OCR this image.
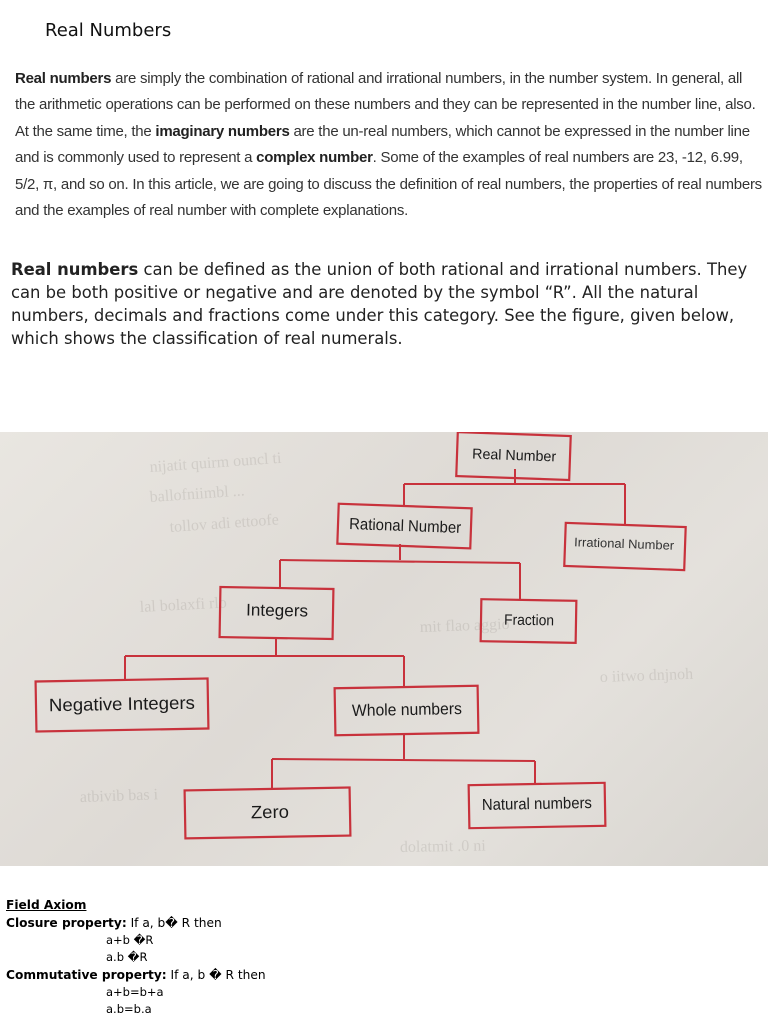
Real Numbers
Real numbers are simply the combination of rational and irrational numbers, in the number system. In general, all the arithmetic operations can be performed on these numbers and they can be represented in the number line, also. At the same time, the imaginary numbers are the un-real numbers, which cannot be expressed in the number line and is commonly used to represent a complex number. Some of the examples of real numbers are 23, -12, 6.99, 5/2, π, and so on. In this article, we are going to discuss the definition of real numbers, the properties of real numbers and the examples of real number with complete explanations.
Real numbers can be defined as the union of both rational and irrational numbers. They can be both positive or negative and are denoted by the symbol “R”. All the natural numbers, decimals and fractions come under this category. See the figure, given below, which shows the classification of real numerals.
nijatit quirm ouncl ti
ballofniimbl ...
tollov adi ettoofe
lal bolaxfi rlo
mit flao aggio
o iitwo dnjnoh
atbivib bas i
dolatmit .0 ni
Real Number
Rational Number
Irrational Number
Integers
Fraction
Negative Integers	Whole numbers
Zero	Natural numbers
Field Axiom
Closure property: If a, b� R then
a+b �R
a.b �R
Commutative property: If a, b � R then
a+b=b+a
a.b=b.a
